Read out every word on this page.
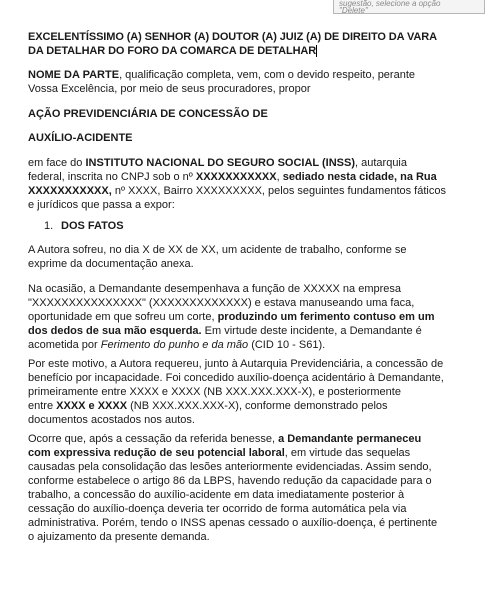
sugestão, selecione a opção
"Delete"
EXCELENTÍSSIMO (A) SENHOR (A) DOUTOR (A) JUIZ (A) DE DIREITO DA VARA
DA DETALHAR DO FORO DA COMARCA DE DETALHAR
NOME DA PARTE, qualificação completa, vem, com o devido respeito, perante
Vossa Excelência, por meio de seus procuradores, propor
AÇÃO PREVIDENCIÁRIA DE CONCESSÃO DE
AUXÍLIO-ACIDENTE
em face do INSTITUTO NACIONAL DO SEGURO SOCIAL (INSS), autarquia
federal, inscrita no CNPJ sob o nº XXXXXXXXXXX, sediado nesta cidade, na Rua
XXXXXXXXXXX, nº XXXX, Bairro XXXXXXXXX, pelos seguintes fundamentos fáticos
e jurídicos que passa a expor:
1. DOS FATOS
A Autora sofreu, no dia X de XX de XX, um acidente de trabalho, conforme se
exprime da documentação anexa.
Na ocasião, a Demandante desempenhava a função de XXXXX na empresa
"XXXXXXXXXXXXXXX" (XXXXXXXXXXXXX) e estava manuseando uma faca,
oportunidade em que sofreu um corte, produzindo um ferimento contuso em um
dos dedos de sua mão esquerda. Em virtude deste incidente, a Demandante é
acometida por Ferimento do punho e da mão (CID 10 - S61).
Por este motivo, a Autora requereu, junto à Autarquia Previdenciária, a concessão de
benefício por incapacidade. Foi concedido auxílio-doença acidentário à Demandante,
primeiramente entre XXXX e XXXX (NB XXX.XXX.XXX-X), e posteriormente
entre XXXX e XXXX (NB XXX.XXX.XXX-X), conforme demonstrado pelos
documentos acostados nos autos.
Ocorre que, após a cessação da referida benesse, a Demandante permaneceu
com expressiva redução de seu potencial laboral, em virtude das sequelas
causadas pela consolidação das lesões anteriormente evidenciadas. Assim sendo,
conforme estabelece o artigo 86 da LBPS, havendo redução da capacidade para o
trabalho, a concessão do auxílio-acidente em data imediatamente posterior à
cessação do auxílio-doença deveria ter ocorrido de forma automática pela via
administrativa. Porém, tendo o INSS apenas cessado o auxílio-doença, é pertinente
o ajuizamento da presente demanda.
